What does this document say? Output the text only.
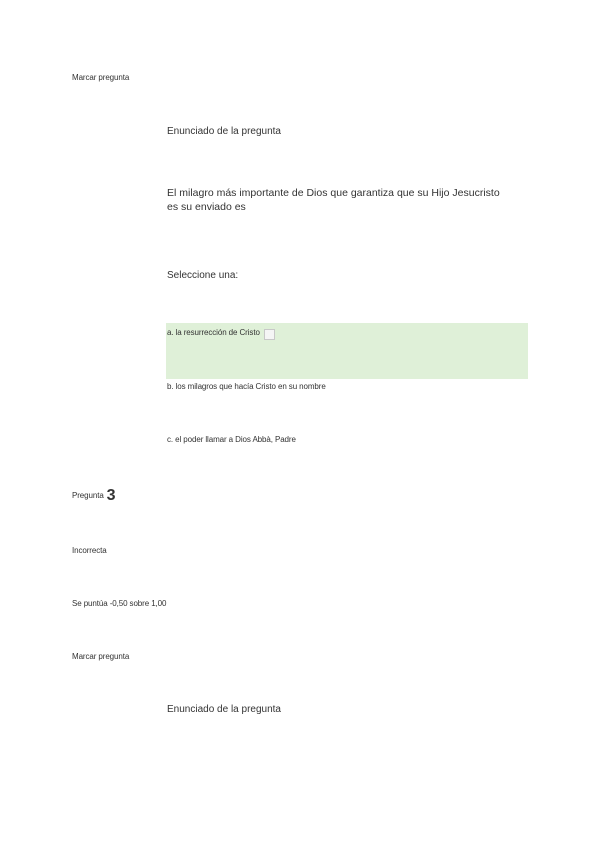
Marcar pregunta
Enunciado de la pregunta
El milagro más importante de Dios que garantiza que su Hijo Jesucristo
es su enviado es
Seleccione una:
a. la resurrección de Cristo
b. los milagros que hacía Cristo en su nombre
c. el poder llamar a Dios Abbà, Padre
Pregunta 3
Incorrecta
Se puntúa -0,50 sobre 1,00
Marcar pregunta
Enunciado de la pregunta
